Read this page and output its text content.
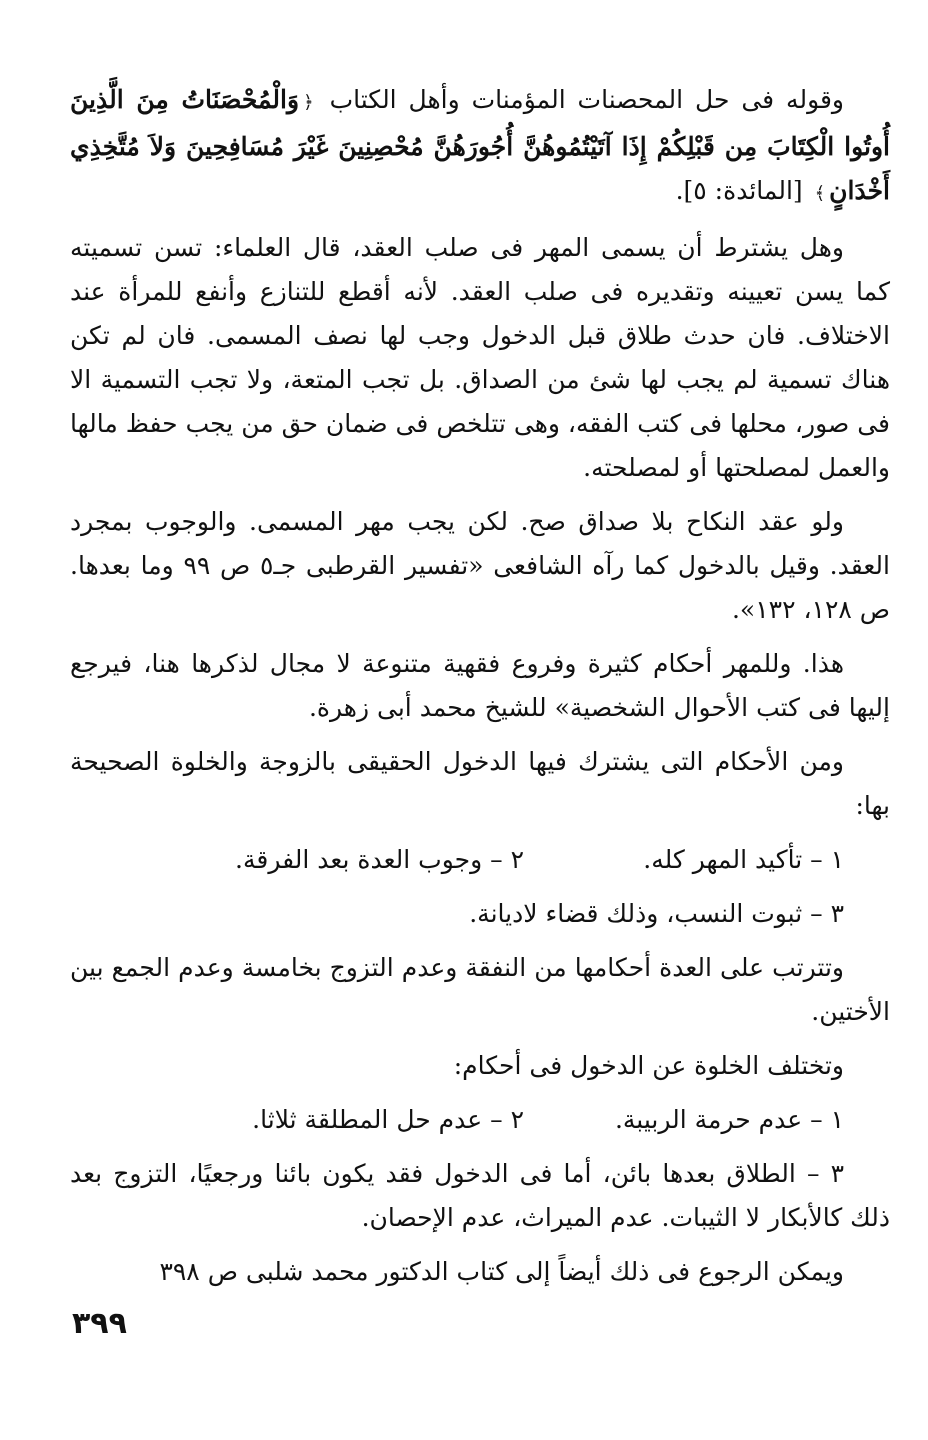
وقوله فى حل المحصنات المؤمنات وأهل الكتاب ﴿وَالْمُحْصَنَاتُ مِنَ الَّذِينَ أُوتُوا الْكِتَابَ مِن قَبْلِكُمْ إِذَا آتَيْتُمُوهُنَّ أُجُورَهُنَّ مُحْصِنِينَ غَيْرَ مُسَافِحِينَ وَلاَ مُتَّخِذِي أَخْدَانٍ﴾ [المائدة: ٥].

وهل يشترط أن يسمى المهر فى صلب العقد، قال العلماء: تسن تسميته كما يسن تعيينه وتقديره فى صلب العقد. لأنه أقطع للتنازع وأنفع للمرأة عند الاختلاف. فان حدث طلاق قبل الدخول وجب لها نصف المسمى. فان لم تكن هناك تسمية لم يجب لها شئ من الصداق. بل تجب المتعة، ولا تجب التسمية الا فى صور، محلها فى كتب الفقه، وهى تتلخص فى ضمان حق من يجب حفظ مالها والعمل لمصلحتها أو لمصلحته.

ولو عقد النكاح بلا صداق صح. لكن يجب مهر المسمى. والوجوب بمجرد العقد. وقيل بالدخول كما رآه الشافعى «تفسير القرطبى جـ٥ ص ٩٩ وما بعدها. ص ١٢٨، ١٣٢».

هذا. وللمهر أحكام كثيرة وفروع فقهية متنوعة لا مجال لذكرها هنا، فيرجع إليها فى كتب الأحوال الشخصية» للشيخ محمد أبى زهرة.

ومن الأحكام التى يشترك فيها الدخول الحقيقى بالزوجة والخلوة الصحيحة بها:

١ – تأكيد المهر كله.
٢ – وجوب العدة بعد الفرقة.
٣ – ثبوت النسب، وذلك قضاء لاديانة.

وتترتب على العدة أحكامها من النفقة وعدم التزوج بخامسة وعدم الجمع بين الأختين.

وتختلف الخلوة عن الدخول فى أحكام:

١ – عدم حرمة الربيبة.
٢ – عدم حل المطلقة ثلاثا.

٣ – الطلاق بعدها بائن، أما فى الدخول فقد يكون بائنا ورجعيًا، التزوج بعد ذلك كالأبكار لا الثيبات. عدم الميراث، عدم الإحصان.

ويمكن الرجوع فى ذلك أيضاً إلى كتاب الدكتور محمد شلبى ص ٣٩٨

٣٩٩
